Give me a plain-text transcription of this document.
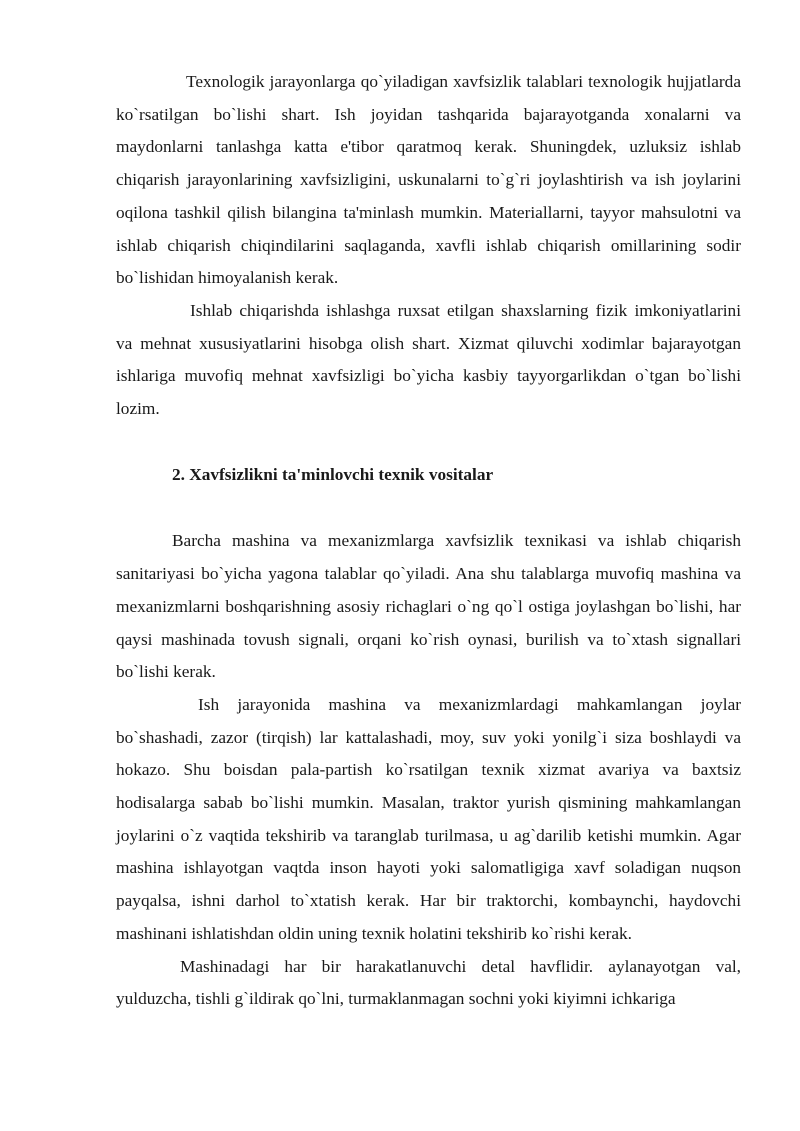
Texnologik jarayonlarga qo`yiladigan xavfsizlik talablari texnologik hujjatlarda ko`rsatilgan bo`lishi shart. Ish joyidan tashqarida bajarayotganda xonalarni va maydonlarni tanlashga katta e'tibor qaratmoq kerak. Shuningdek, uzluksiz ishlab chiqarish jarayonlarining xavfsizligini, uskunalarni to`g`ri joylashtirish va ish joylarini oqilona tashkil qilish bilangina ta'minlash mumkin. Materiallarni, tayyor mahsulotni va ishlab chiqarish chiqindilarini saqlaganda, xavfli ishlab chiqarish omillarining sodir bo`lishidan himoyalanish kerak.

Ishlab chiqarishda ishlashga ruxsat etilgan shaxslarning fizik imkoniyatlarini va mehnat xususiyatlarini hisobga olish shart. Xizmat qiluvchi xodimlar bajarayotgan ishlariga muvofiq mehnat xavfsizligi bo`yicha kasbiy tayyorgarlikdan o`tgan bo`lishi lozim.

2. Xavfsizlikni ta'minlovchi texnik vositalar

Barcha mashina va mexanizmlarga xavfsizlik texnikasi va ishlab chiqarish sanitariyasi bo`yicha yagona talablar qo`yiladi. Ana shu talablarga muvofiq mashina va mexanizmlarni boshqarishning asosiy richaglari o`ng qo`l ostiga joylashgan bo`lishi, har qaysi mashinada tovush signali, orqani ko`rish oynasi, burilish va to`xtash signallari bo`lishi kerak.

Ish jarayonida mashina va mexanizmlardagi mahkamlangan joylar bo`shashadi, zazor (tirqish) lar kattalashadi, moy, suv yoki yonilg`i siza boshlaydi va hokazo. Shu boisdan pala-partish ko`rsatilgan texnik xizmat avariya va baxtsiz hodisalarga sabab bo`lishi mumkin. Masalan, traktor yurish qismining mahkamlangan joylarini o`z vaqtida tekshirib va taranglab turilmasa, u ag`darilib ketishi mumkin. Agar mashina ishlayotgan vaqtda inson hayoti yoki salomatligiga xavf soladigan nuqson payqalsa, ishni darhol to`xtatish kerak. Har bir traktorchi, kombaynchi, haydovchi mashinani ishlatishdan oldin uning texnik holatini tekshirib ko`rishi kerak.

Mashinadagi har bir harakatlanuvchi detal havflidir. aylanayotgan val, yulduzcha, tishli g`ildirak qo`lni, turmaklanmagan sochni yoki kiyimni ichkariga
